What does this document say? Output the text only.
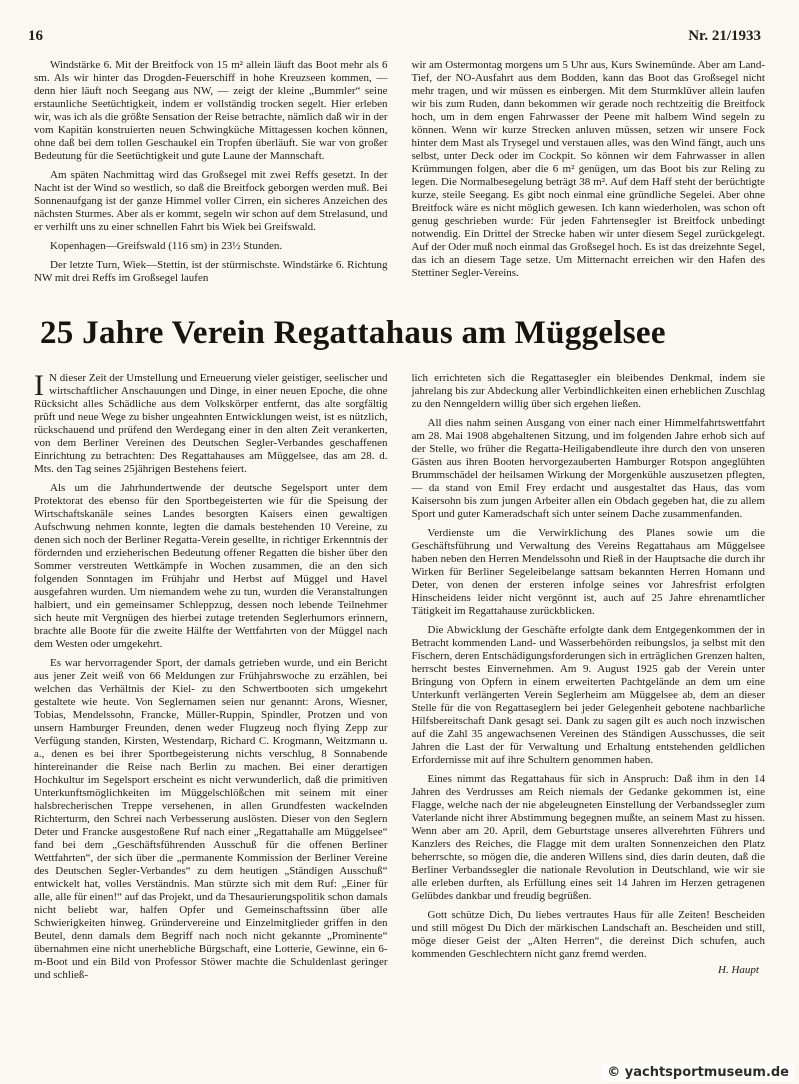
16	Nr. 21/1933

Windstärke 6. Mit der Breitfock von 15 m² allein läuft das Boot mehr als 6 sm. Als wir hinter das Drogden-Feuerschiff in hohe Kreuzseen kommen, — denn hier läuft noch Seegang aus NW, — zeigt der kleine „Bummler“ seine erstaunliche Seetüchtigkeit, indem er vollständig trocken segelt. Hier erleben wir, was ich als die größte Sensation der Reise betrachte, nämlich daß wir in der vom Kapitän konstruierten neuen Schwingküche Mittagessen kochen können, ohne daß bei dem tollen Geschaukel ein Tropfen überläuft. Sie war von großer Bedeutung für die Seetüchtigkeit und gute Laune der Mannschaft.

Am späten Nachmittag wird das Großsegel mit zwei Reffs gesetzt. In der Nacht ist der Wind so westlich, so daß die Breitfock geborgen werden muß. Bei Sonnenaufgang ist der ganze Himmel voller Cirren, ein sicheres Anzeichen des nächsten Sturmes. Aber als er kommt, segeln wir schon auf dem Strelasund, und er verhilft uns zu einer schnellen Fahrt bis Wiek bei Greifswald.

Kopenhagen—Greifswald (116 sm) in 23½ Stunden.

Der letzte Turn, Wiek—Stettin, ist der stürmischste. Windstärke 6. Richtung NW mit drei Reffs im Großsegel laufen

wir am Ostermontag morgens um 5 Uhr aus, Kurs Swinemünde. Aber am Land-Tief, der NO-Ausfahrt aus dem Bodden, kann das Boot das Großsegel nicht mehr tragen, und wir müssen es einbergen. Mit dem Sturmklüver allein laufen wir bis zum Ruden, dann bekommen wir gerade noch rechtzeitig die Breitfock hoch, um in dem engen Fahrwasser der Peene mit halbem Wind segeln zu können. Wenn wir kurze Strecken anluven müssen, setzen wir unsere Fock hinter dem Mast als Trysegel und verstauen alles, was den Wind fängt, auch uns selbst, unter Deck oder im Cockpit. So können wir dem Fahrwasser in allen Krümmungen folgen, aber die 6 m² genügen, um das Boot bis zur Reling zu legen. Die Normalbesegelung beträgt 38 m². Auf dem Haff steht der berüchtigte kurze, steile Seegang. Es gibt noch einmal eine gründliche Segelei. Aber ohne Breitfock wäre es nicht möglich gewesen. Ich kann wiederholen, was schon oft genug geschrieben wurde: Für jeden Fahrtensegler ist Breitfock unbedingt notwendig. Ein Drittel der Strecke haben wir unter diesem Segel zurückgelegt. Auf der Oder muß noch einmal das Großsegel hoch. Es ist das dreizehnte Segel, das ich an diesem Tage setze. Um Mitternacht erreichen wir den Hafen des Stettiner Segler-Vereins.

25 Jahre Verein Regattahaus am Müggelsee

I N dieser Zeit der Umstellung und Erneuerung vieler geistiger, seelischer und wirtschaftlicher Anschauungen und Dinge, in einer neuen Epoche, die ohne Rücksicht alles Schädliche aus dem Volkskörper entfernt, das alte sorgfältig prüft und neue Wege zu bisher ungeahnten Entwicklungen weist, ist es nützlich, rückschauend und prüfend den Werdegang einer in den alten Zeit verankerten, von dem Berliner Vereinen des Deutschen Segler-Verbandes geschaffenen Einrichtung zu betrachten: Des Regattahauses am Müggelsee, das am 28. d. Mts. den Tag seines 25jährigen Bestehens feiert.

Als um die Jahrhundertwende der deutsche Segelsport unter dem Protektorat des ebenso für den Sportbegeisterten wie für die Speisung der Wirtschaftskanäle seines Landes besorgten Kaisers einen gewaltigen Aufschwung nehmen konnte, legten die damals bestehenden 10 Vereine, zu denen sich noch der Berliner Regatta-Verein gesellte, in richtiger Erkenntnis der fördernden und erzieherischen Bedeutung offener Regatten die bisher über den Sommer verstreuten Wettkämpfe in Wochen zusammen, die an den sich folgenden Sonntagen im Frühjahr und Herbst auf Müggel und Havel ausgefahren wurden. Um niemandem wehe zu tun, wurden die Veranstaltungen halbiert, und ein gemeinsamer Schleppzug, dessen noch lebende Teilnehmer sich heute mit Vergnügen des hierbei zutage tretenden Seglerhumors erinnern, brachte alle Boote für die zweite Hälfte der Wettfahrten von der Müggel nach dem Westen oder umgekehrt.

Es war hervorragender Sport, der damals getrieben wurde, und ein Bericht aus jener Zeit weiß von 66 Meldungen zur Frühjahrswoche zu erzählen, bei welchen das Verhältnis der Kiel- zu den Schwertbooten sich umgekehrt gestaltete wie heute. Von Seglernamen seien nur genannt: Arons, Wiesner, Tobias, Mendelssohn, Francke, Müller-Ruppin, Spindler, Protzen und von unsern Hamburger Freunden, denen weder Flugzeug noch flying Zepp zur Verfügung standen, Kirsten, Westendarp, Richard C. Krogmann, Weitzmann u. a., denen es bei ihrer Sportbegeisterung nichts verschlug, 8 Sonnabende hintereinander die Reise nach Berlin zu machen. Bei einer derartigen Hochkultur im Segelsport erscheint es nicht verwunderlich, daß die primitiven Unterkunftsmöglichkeiten im Müggelschlößchen mit seinem mit einer halsbrecherischen Treppe versehenen, in allen Grundfesten wackelnden Richterturm, den Schrei nach Verbesserung auslösten. Dieser von den Seglern Deter und Francke ausgestoßene Ruf nach einer „Regattahalle am Müggelsee“ fand bei dem „Geschäftsführenden Ausschuß für die offenen Berliner Wettfahrten“, der sich über die „permanente Kommission der Berliner Vereine des Deutschen Segler-Verbandes“ zu dem heutigen „Ständigen Ausschuß“ entwickelt hat, volles Verständnis. Man stürzte sich mit dem Ruf: „Einer für alle, alle für einen!“ auf das Projekt, und da Thesaurierungspolitik schon damals nicht beliebt war, halfen Opfer und Gemeinschaftssinn über alle Schwierigkeiten hinweg. Gründervereine und Einzelmitglieder griffen in den Beutel, denn damals dem Begriff nach noch nicht gekannte „Prominente“ übernahmen eine nicht unerhebliche Bürgschaft, eine Lotterie, Gewinne, ein 6-m-Boot und ein Bild von Professor Stöwer machte die Schuldenlast geringer und schließ-

lich errichteten sich die Regattasegler ein bleibendes Denkmal, indem sie jahrelang bis zur Abdeckung aller Verbindlichkeiten einen erheblichen Zuschlag zu den Nenngeldern willig über sich ergehen ließen.

All dies nahm seinen Ausgang von einer nach einer Himmelfahrtswettfahrt am 28. Mai 1908 abgehaltenen Sitzung, und im folgenden Jahre erhob sich auf der Stelle, wo früher die Regatta-Heiligabendleute ihre durch den von unseren Gästen aus ihren Booten hervorgezauberten Hamburger Rotspon angeglühten Brummschädel der heilsamen Wirkung der Morgenkühle auszusetzen pflegten, — da stand von Emil Frey erdacht und ausgestaltet das Haus, das vom Kaisersohn bis zum jungen Arbeiter allen ein Obdach gegeben hat, die zu allem Sport und guter Kameradschaft sich unter seinem Dache zusammenfanden.

Verdienste um die Verwirklichung des Planes sowie um die Geschäftsführung und Verwaltung des Vereins Regattahaus am Müggelsee haben neben den Herren Mendelssohn und Rieß in der Hauptsache die durch ihr Wirken für Berliner Segeleibelange sattsam bekannten Herren Homann und Deter, von denen der ersteren infolge seines vor Jahresfrist erfolgten Hinscheidens leider nicht vergönnt ist, auch auf 25 Jahre ehrenamtlicher Tätigkeit im Regattahause zurückblicken.

Die Abwicklung der Geschäfte erfolgte dank dem Entgegenkommen der in Betracht kommenden Land- und Wasserbehörden reibungslos, ja selbst mit den Fischern, deren Entschädigungsforderungen sich in erträglichen Grenzen halten, herrscht bestes Einvernehmen. Am 9. August 1925 gab der Verein unter Bringung von Opfern in einem erweiterten Pachtgelände an dem um eine Unterkunft verlängerten Verein Seglerheim am Müggelsee ab, dem an dieser Stelle für die von Regattaseglern bei jeder Gelegenheit gebotene nachbarliche Hilfsbereitschaft Dank gesagt sei. Dank zu sagen gilt es auch noch inzwischen auf die Zahl 35 angewachsenen Vereinen des Ständigen Ausschusses, die seit Jahren die Last der für Verwaltung und Erhaltung entstehenden geldlichen Erfordernisse mit auf ihre Schultern genommen haben.

Eines nimmt das Regattahaus für sich in Anspruch: Daß ihm in den 14 Jahren des Verdrusses am Reich niemals der Gedanke gekommen ist, eine Flagge, welche nach der nie abgeleugneten Einstellung der Verbandssegler zum Vaterlande nicht ihrer Abstimmung begegnen mußte, an seinem Mast zu hissen. Wenn aber am 20. April, dem Geburtstage unseres allverehrten Führers und Kanzlers des Reiches, die Flagge mit dem uralten Sonnenzeichen den Platz beherrschte, so mögen die, die anderen Willens sind, dies darin deuten, daß die Berliner Verbandssegler die nationale Revolution in Deutschland, wie wir sie alle erleben durften, als Erfüllung eines seit 14 Jahren im Herzen getragenen Gelübdes dankbar und freudig begrüßen.

Gott schütze Dich, Du liebes vertrautes Haus für alle Zeiten! Bescheiden und still mögest Du Dich der märkischen Landschaft an. Bescheiden und still, möge dieser Geist der „Alten Herren“, die dereinst Dich schufen, auch kommenden Geschlechtern nicht ganz fremd werden.

H. Haupt
© yachtsportmuseum.de
